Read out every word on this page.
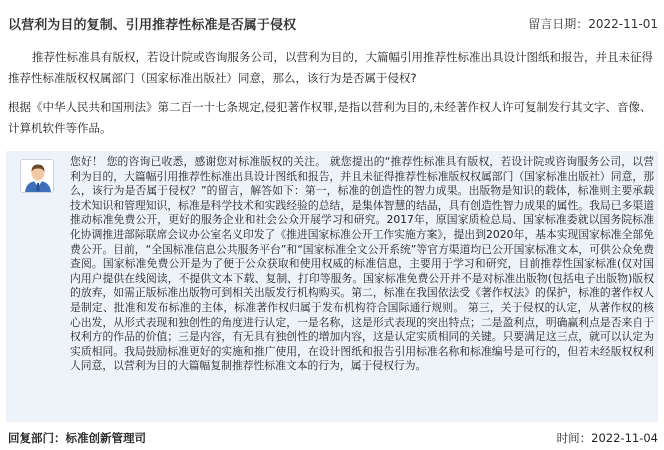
以营利为目的复制、引用推荐性标准是否属于侵权	留言日期：2022-11-01

推荐性标准具有版权，若设计院或咨询服务公司，以营利为目的，大篇幅引用推荐性标准出具设计图纸和报告，并且未征得推荐性标准版权权属部门（国家标准出版社）同意，那么，该行为是否属于侵权?

根据《中华人民共和国刑法》第二百一十七条规定,侵犯著作权罪,是指以营利为目的,未经著作权人许可复制发行其文字、音像、计算机软件等作品。

您好！ 您的咨询已收悉，感谢您对标准版权的关注。 就您提出的“推荐性标准具有版权，若设计院或咨询服务公司，以营利为目的，大篇幅引用推荐性标准出具设计图纸和报告，并且未征得推荐性标准版权权属部门（国家标准出版社）同意，那么，该行为是否属于侵权？”的留言，解答如下：第一，标准的创造性的智力成果。出版物是知识的载体，标准则主要承载技术知识和管理知识，标准是科学技术和实践经验的总结，是集体智慧的结晶，具有创造性智力成果的属性。我局已多渠道推动标准免费公开，更好的服务企业和社会公众开展学习和研究。2017年，原国家质检总局、国家标准委就以国务院标准化协调推进部际联席会议办公室名义印发了《推进国家标准公开工作实施方案》，提出到2020年，基本实现国家标准全部免费公开。目前，“全国标准信息公共服务平台”和“国家标准全文公开系统”等官方渠道均已公开国家标准文本，可供公众免费查阅。国家标准免费公开是为了便于公众获取和使用权威的标准信息，主要用于学习和研究，目前推荐性国家标准(仅对国内用户提供在线阅读，不提供文本下载、复制、打印等服务。国家标准免费公开并不是对标准出版物(包括电子出版物)版权的放弃，如需正版标准出版物可到相关出版发行机构购买。第二，标准在我国依法受《著作权法》的保护，标准的著作权人是制定、批准和发布标准的主体，标准著作权归属于发布机构符合国际通行规则。 第三，关于侵权的认定，从著作权的核心出发，从形式表现和独创性的角度进行认定，一是名称，这是形式表现的突出特点；二是盈利点，明确赢利点是否来自于权利方的作品的价值；三是内容，有无具有独创性的增加内容，这是认定实质相同的关键。只要满足这三点，就可以认定为实质相同。我局鼓励标准更好的实施和推广使用，在设计图纸和报告引用标准名称和标准编号是可行的，但若未经版权权利人同意，以营利为目的大篇幅复制推荐性标准文本的行为，属于侵权行为。

回复部门：标准创新管理司	时间：2022-11-04
